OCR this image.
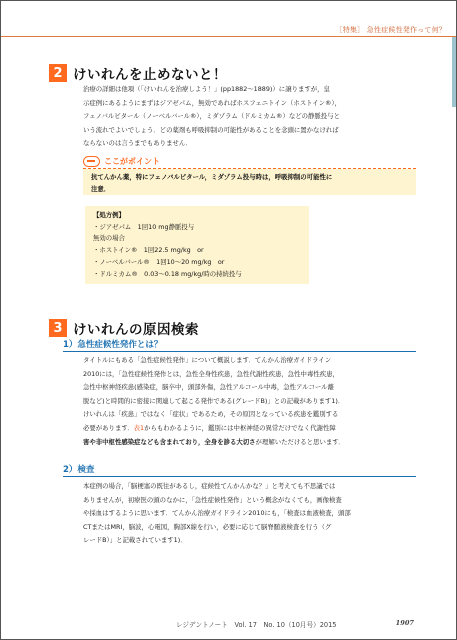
［特集］ 急性症候性発作って何？
2 けいれんを止めないと！
治療の詳細は他項（「けいれんを治療しよう！」(pp1882～1889)）に譲りますが，皇
示症例にあるようにまずはジアゼパム，無効であればホスフェニトイン（ホストイン®），
フェノバルビタール（ノーベルバール®），ミダゾラム（ドルミカム®）などの静脈投与と
いう流れでよいでしょう．どの薬剤も呼吸抑制の可能性があることを念頭に置かなければ
ならないのは言うまでもありません．
ここがポイント
抗てんかん薬，特にフェノバルビタール，ミダゾラム投与時は，呼吸抑制の可能性に
注意．
【処方例】
・ジアゼパム　1回10 mg静脈投与
無効の場合
・ホストイン®　1回22.5 mg/kg　or
・ノーベルバール®　1回10～20 mg/kg　or
・ドルミカム®　0.03～0.18 mg/kg/時の持続投与
3 けいれんの原因検索
1）急性症候性発作とは？
タイトルにもある「急性症候性発作」について概説します．てんかん治療ガイドライン
2010には，「急性症候性発作とは，急性全身性疾患，急性代謝性疾患，急性中毒性疾患，
急性中枢神経疾患(感染症，脳卒中，頭部外傷，急性アルコール中毒，急性アルコール離
脱など)と時間的に密接に関連して起こる発作である(グレードB)」との記載があります1)．
けいれんは「疾患」ではなく「症状」であるため，その原因となっている疾患を鑑別する
必要があります．表1からもわかるように，鑑別には中枢神経の異常だけでなく代謝性障
害や非中枢性感染症なども含まれており，全身を診る大切さが理解いただけると思います．
2）検査
本症例の場合，「脳梗塞の既往があるし，症候性てんかんかな？」と考えても不思議では
ありませんが，初療医の頭のなかに，「急性症候性発作」という概念がなくても，画像検査
や採血はするように思います．てんかん治療ガイドライン2010にも，「検査は血液検査，頭部
CTまたはMRI，脳波，心電図，胸部X線を行い，必要に応じて脳脊髄液検査を行う（グ
レードB）」と記載されています1)．
レジデントノート　Vol. 17　No. 10（10月号）2015	1907
